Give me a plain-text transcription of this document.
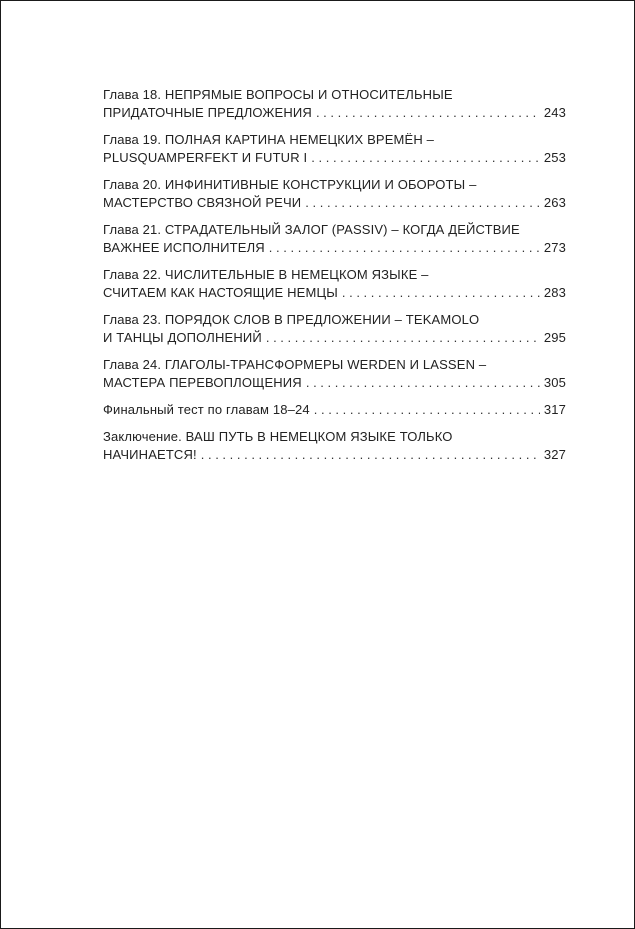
Глава 18. НЕПРЯМЫЕ ВОПРОСЫ И ОТНОСИТЕЛЬНЫЕ
ПРИДАТОЧНЫЕ ПРЕДЛОЖЕНИЯ . . .	243
Глава 19. ПОЛНАЯ КАРТИНА НЕМЕЦКИХ ВРЕМЁН –
PLUSQUAMPERFEKT И FUTUR I . . .	253
Глава 20. ИНФИНИТИВНЫЕ КОНСТРУКЦИИ И ОБОРОТЫ –
МАСТЕРСТВО СВЯЗНОЙ РЕЧИ . . .	263
Глава 21. СТРАДАТЕЛЬНЫЙ ЗАЛОГ (PASSIV) – КОГДА ДЕЙСТВИЕ
ВАЖНЕЕ ИСПОЛНИТЕЛЯ . . .	273
Глава 22. ЧИСЛИТЕЛЬНЫЕ В НЕМЕЦКОМ ЯЗЫКЕ –
СЧИТАЕМ КАК НАСТОЯЩИЕ НЕМЦЫ . . .	283
Глава 23. ПОРЯДОК СЛОВ В ПРЕДЛОЖЕНИИ – TEKAMOLO
И ТАНЦЫ ДОПОЛНЕНИЙ . . .	295
Глава 24. ГЛАГОЛЫ-ТРАНСФОРМЕРЫ WERDEN И LASSEN –
МАСТЕРА ПЕРЕВОПЛОЩЕНИЯ . . .	305
Финальный тест по главам 18–24 . . .	317
Заключение. ВАШ ПУТЬ В НЕМЕЦКОМ ЯЗЫКЕ ТОЛЬКО
НАЧИНАЕТСЯ! . . .	327
